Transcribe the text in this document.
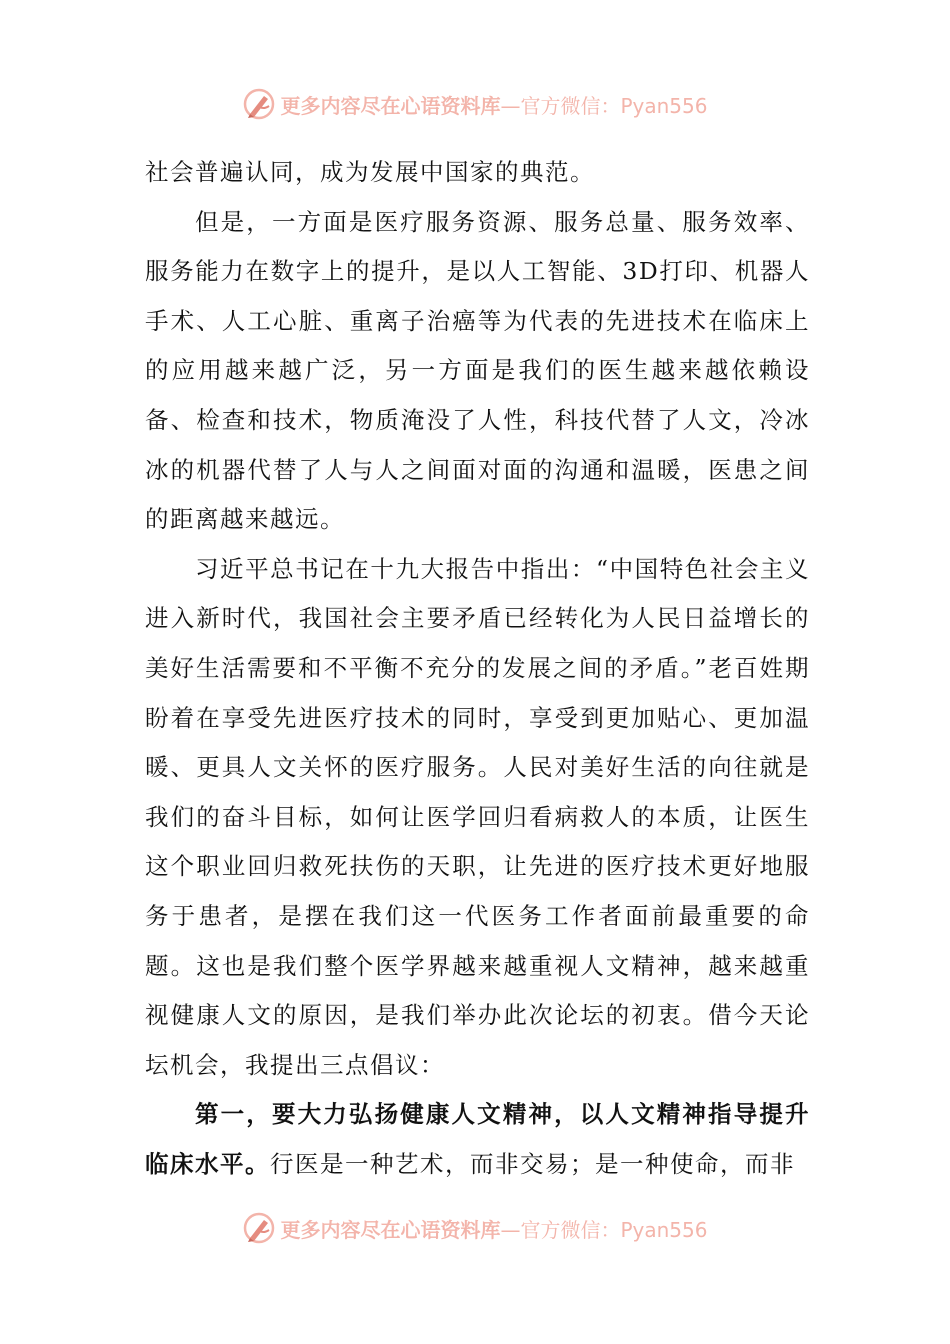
更多内容尽在心语资料库 —官方微信：Pyan556

社会普遍认同，成为发展中国家的典范。

但是，一方面是医疗服务资源、服务总量、服务效率、服务能力在数字上的提升，是以人工智能、3D打印、机器人手术、人工心脏、重离子治癌等为代表的先进技术在临床上的应用越来越广泛，另一方面是我们的医生越来越依赖设备、检查和技术，物质淹没了人性，科技代替了人文，冷冰冰的机器代替了人与人之间面对面的沟通和温暖，医患之间的距离越来越远。

习近平总书记在十九大报告中指出：“中国特色社会主义进入新时代，我国社会主要矛盾已经转化为人民日益增长的美好生活需要和不平衡不充分的发展之间的矛盾。”老百姓期盼着在享受先进医疗技术的同时，享受到更加贴心、更加温暖、更具人文关怀的医疗服务。人民对美好生活的向往就是我们的奋斗目标，如何让医学回归看病救人的本质，让医生这个职业回归救死扶伤的天职，让先进的医疗技术更好地服务于患者，是摆在我们这一代医务工作者面前最重要的命题。这也是我们整个医学界越来越重视人文精神，越来越重视健康人文的原因，是我们举办此次论坛的初衷。借今天论坛机会，我提出三点倡议：

第一，要大力弘扬健康人文精神，以人文精神指导提升临床水平。行医是一种艺术，而非交易；是一种使命，而非

更多内容尽在心语资料库 —官方微信：Pyan556
